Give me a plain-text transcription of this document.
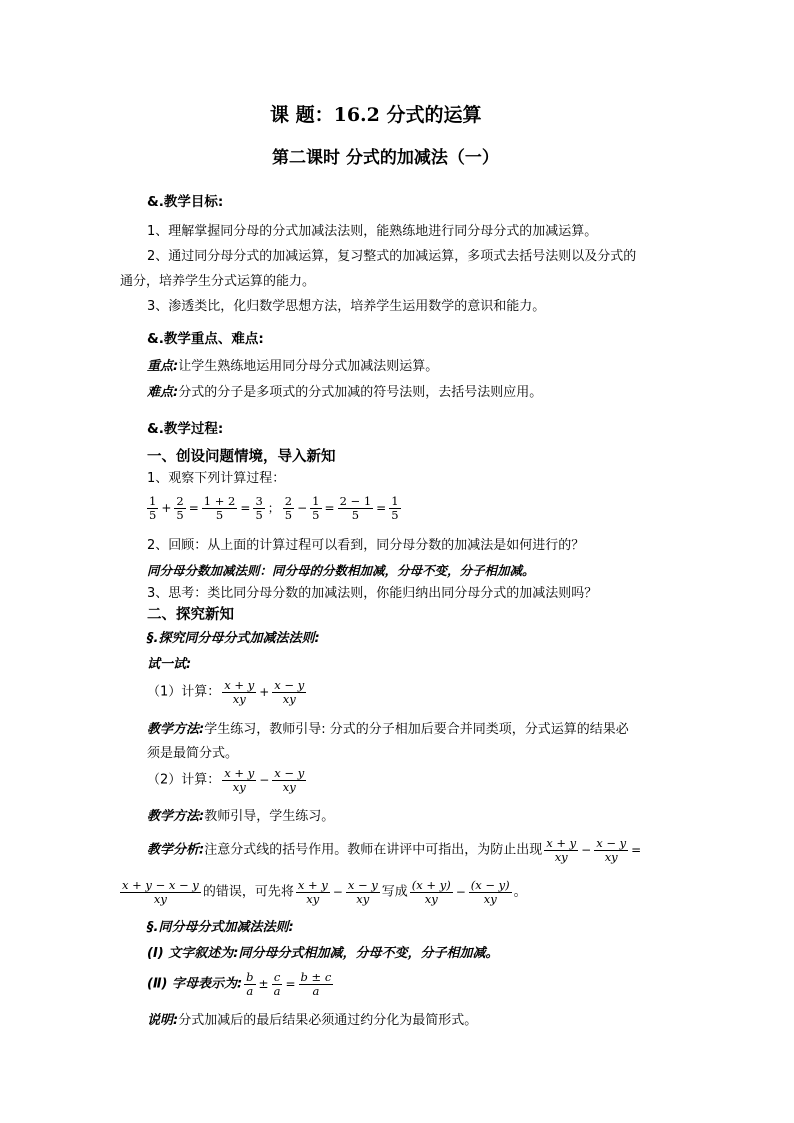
课 题：16.2 分式的运算
第二课时 分式的加减法（一）
&.教学目标:
1、理解掌握同分母的分式加减法法则，能熟练地进行同分母分式的加减运算。
2、通过同分母分式的加减运算，复习整式的加减运算，多项式去括号法则以及分式的
通分，培养学生分式运算的能力。
3、渗透类比，化归数学思想方法，培养学生运用数学的意识和能力。
&.教学重点、难点:
重点:让学生熟练地运用同分母分式加减法则运算。
难点:分式的分子是多项式的分式加减的符号法则，去括号法则应用。
&.教学过程:
一、创设问题情境，导入新知
1、观察下列计算过程：
$\frac{1}{5} + \frac{2}{5} = \frac{1 + 2}{5} = \frac{3}{5}$ ； $\frac{2}{5} - \frac{1}{5} = \frac{2 - 1}{5} = \frac{1}{5}$
2、回顾：从上面的计算过程可以看到，同分母分数的加减法是如何进行的？
同分母分数加减法则：同分母的分数相加减，分母不变，分子相加减。
3、思考：类比同分母分数的加减法则，你能归纳出同分母分式的加减法则吗？
二、探究新知
§.探究同分母分式加减法法则:
试一试:
（1）计算： $\frac{x + y}{xy} + \frac{x - y}{xy}$
教学方法:学生练习，教师引导: 分式的分子相加后要合并同类项，分式运算的结果必
须是最简分式。
（2）计算： $\frac{x + y}{xy} - \frac{x - y}{xy}$
教学方法:教师引导，学生练习。
教学分析:注意分式线的括号作用。教师在讲评中可指出，为防止出现 $\frac{x + y}{xy} - \frac{x - y}{xy}$ =
$\frac{x + y - x - y}{xy}$ 的错误，可先将 $\frac{x + y}{xy} - \frac{x - y}{xy}$ 写成 $\frac{(x + y)}{xy} - \frac{(x - y)}{xy}$ 。
§.同分母分式加减法法则:
(Ⅰ) 文字叙述为:同分母分式相加减，分母不变，分子相加减。
(Ⅱ) 字母表示为: $\frac{b}{a} \pm \frac{c}{a} = \frac{b \pm c}{a}$
说明:分式加减后的最后结果必须通过约分化为最简形式。
